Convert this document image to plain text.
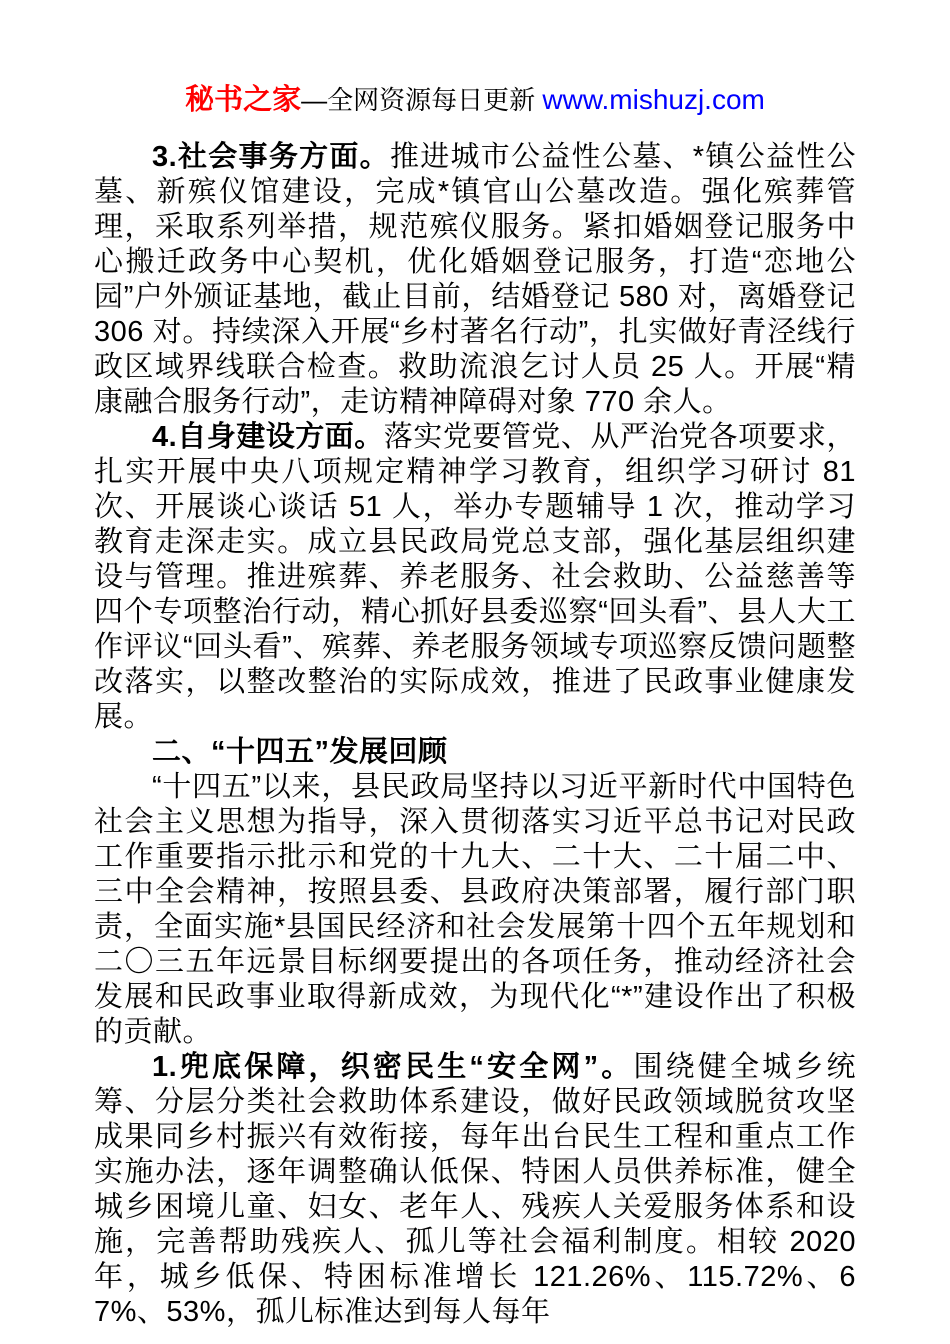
秘书之家—全网资源每日更新 www.mishuzj.com

3.社会事务方面。推进城市公益性公墓、*镇公益性公墓、新殡仪馆建设，完成*镇官山公墓改造。强化殡葬管理，采取系列举措，规范殡仪服务。紧扣婚姻登记服务中心搬迁政务中心契机，优化婚姻登记服务，打造“恋地公园”户外颁证基地，截止目前，结婚登记 580 对，离婚登记 306 对。持续深入开展“乡村著名行动”，扎实做好青泾线行政区域界线联合检查。救助流浪乞讨人员 25 人。开展“精康融合服务行动”，走访精神障碍对象 770 余人。

4.自身建设方面。落实党要管党、从严治党各项要求，扎实开展中央八项规定精神学习教育，组织学习研讨 81 次、开展谈心谈话 51 人，举办专题辅导 1 次，推动学习教育走深走实。成立县民政局党总支部，强化基层组织建设与管理。推进殡葬、养老服务、社会救助、公益慈善等四个专项整治行动，精心抓好县委巡察“回头看”、县人大工作评议“回头看”、殡葬、养老服务领域专项巡察反馈问题整改落实，以整改整治的实际成效，推进了民政事业健康发展。

二、“十四五”发展回顾

“十四五”以来，县民政局坚持以习近平新时代中国特色社会主义思想为指导，深入贯彻落实习近平总书记对民政工作重要指示批示和党的十九大、二十大、二十届二中、三中全会精神，按照县委、县政府决策部署，履行部门职责，全面实施*县国民经济和社会发展第十四个五年规划和二〇三五年远景目标纲要提出的各项任务，推动经济社会发展和民政事业取得新成效，为现代化“*”建设作出了积极的贡献。

1.兜底保障，织密民生“安全网”。围绕健全城乡统筹、分层分类社会救助体系建设，做好民政领域脱贫攻坚成果同乡村振兴有效衔接，每年出台民生工程和重点工作实施办法，逐年调整确认低保、特困人员供养标准，健全城乡困境儿童、妇女、老年人、残疾人关爱服务体系和设施，完善帮助残疾人、孤儿等社会福利制度。相较 2020 年，城乡低保、特困标准增长 121.26%、115.72%、67%、53%，孤儿标准达到每人每年
